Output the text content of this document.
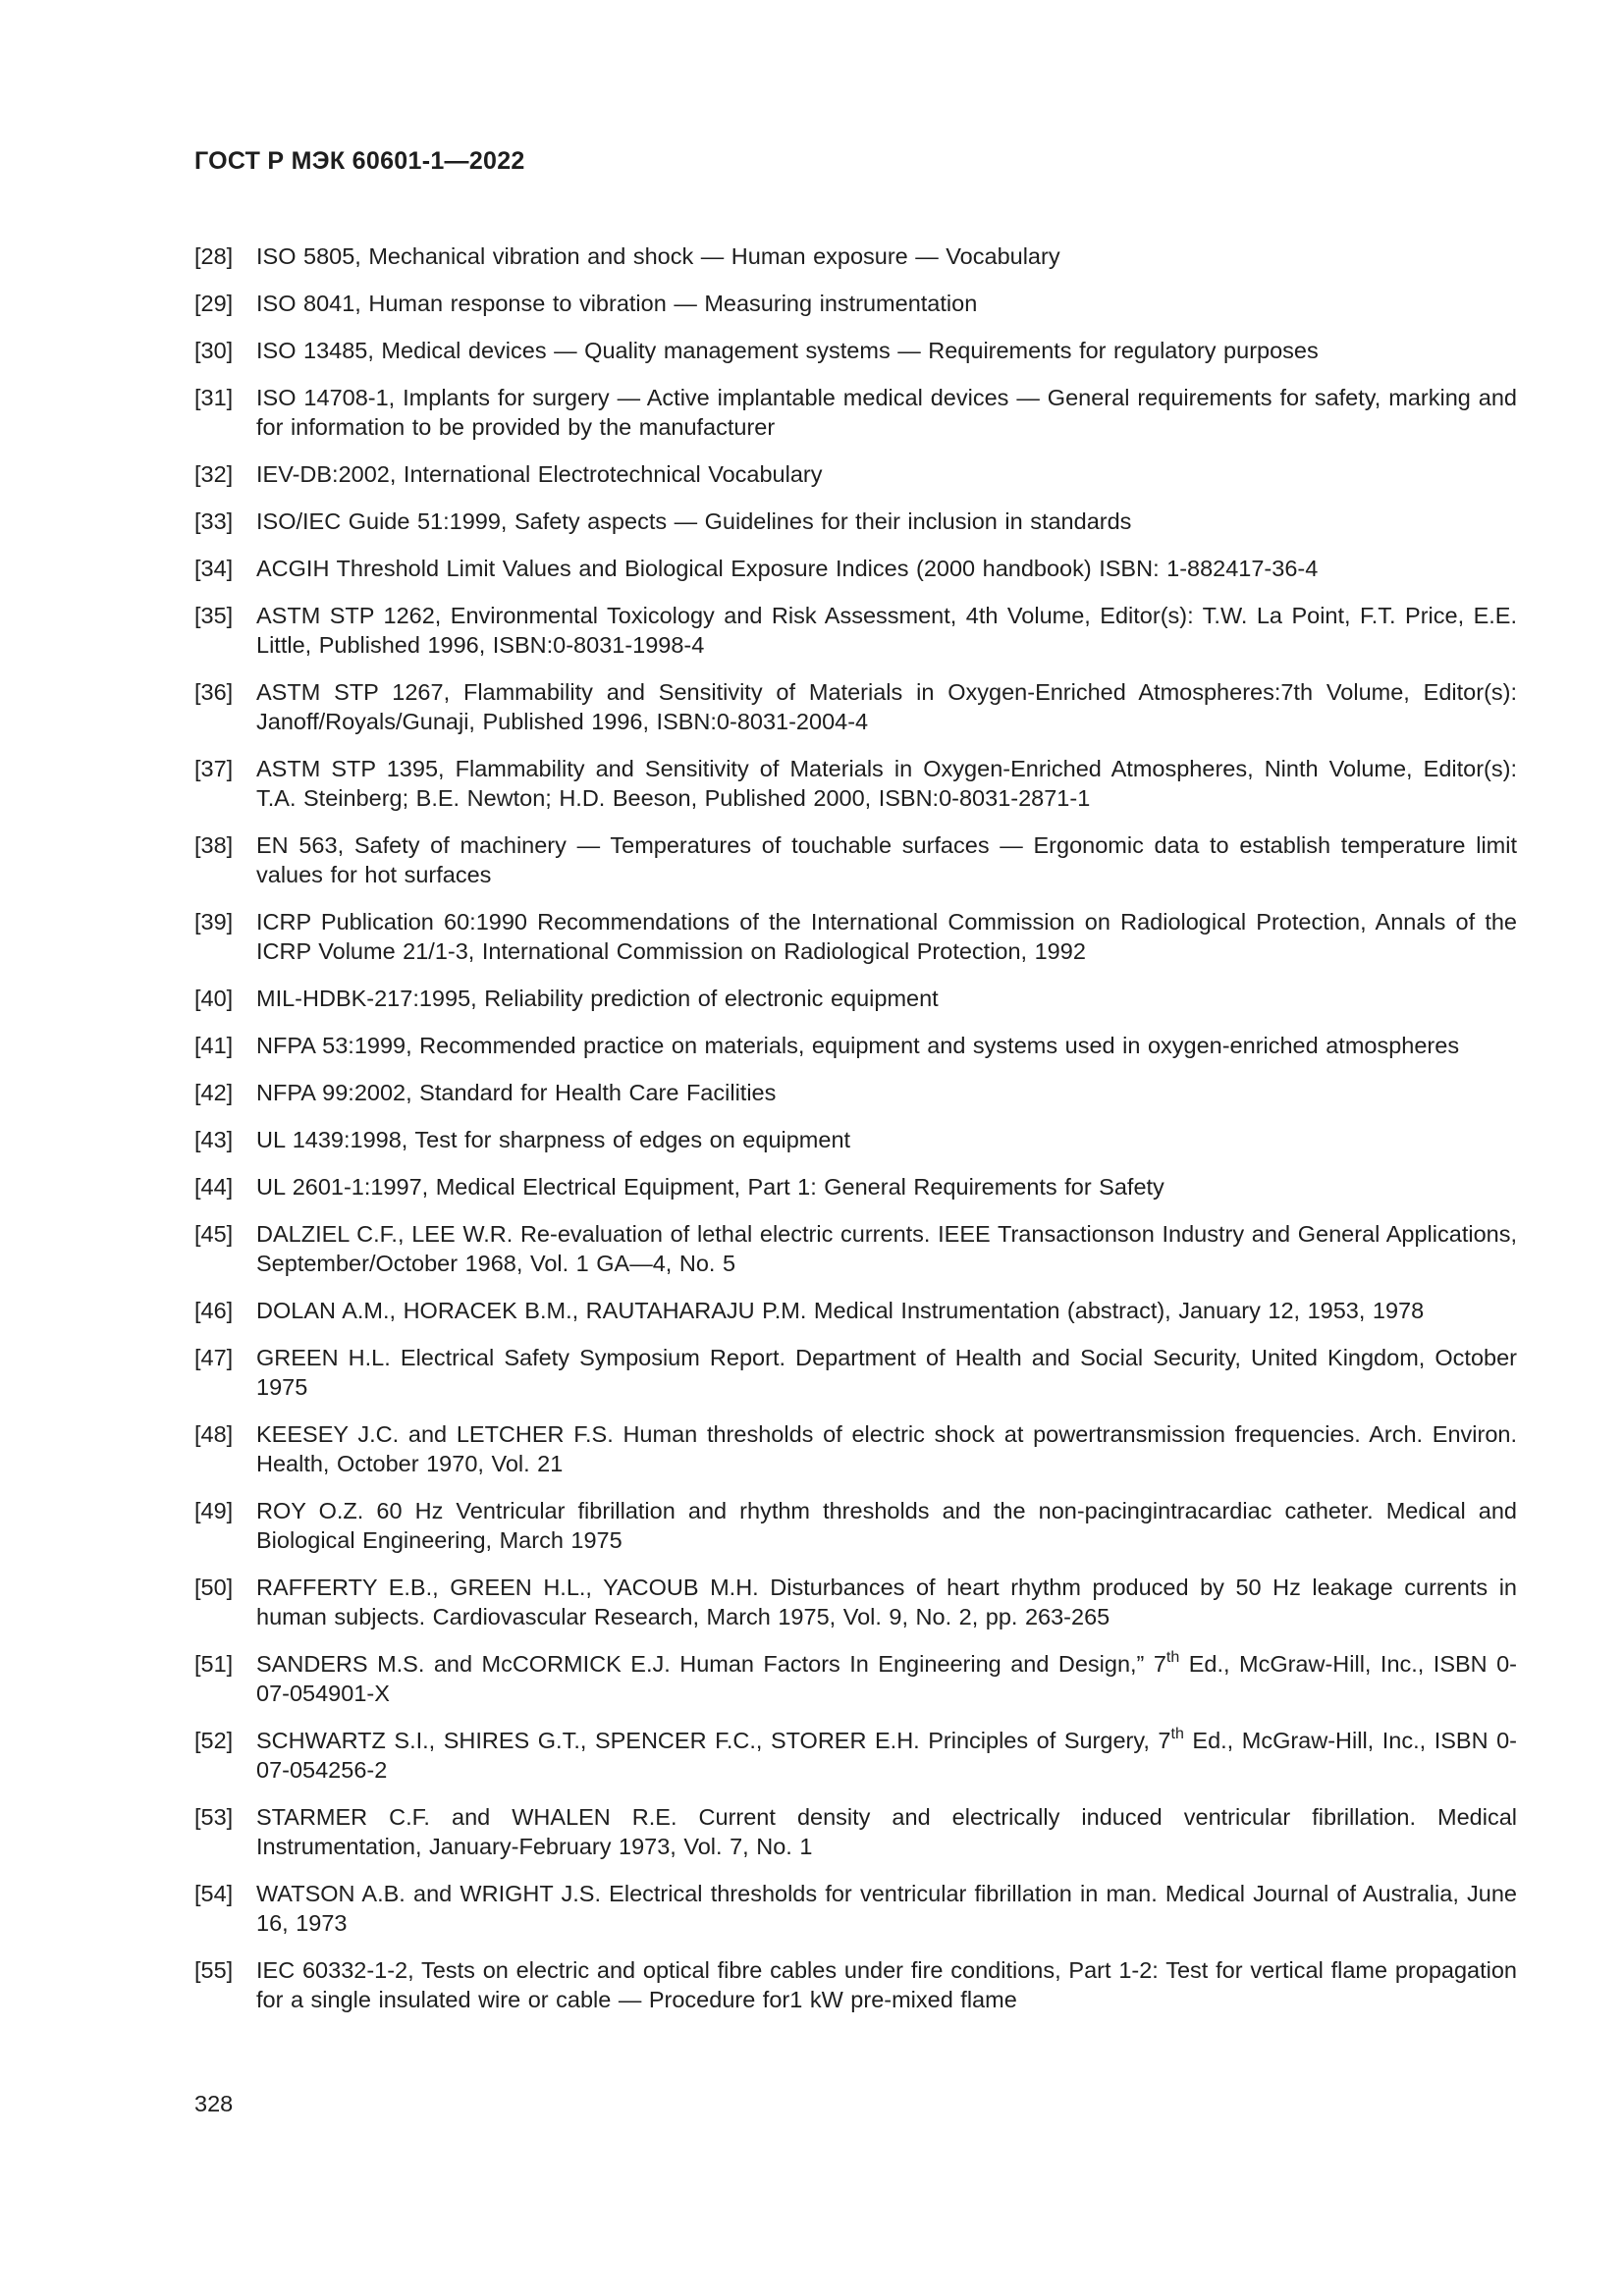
ГОСТ Р МЭК 60601-1—2022
[28]	ISO 5805, Mechanical vibration and shock — Human exposure — Vocabulary
[29]	ISO 8041, Human response to vibration — Measuring instrumentation
[30]	ISO 13485, Medical devices — Quality management systems — Requirements for regulatory purposes
[31]	ISO 14708-1, Implants for surgery — Active implantable medical devices — General requirements for safety, marking and for information to be provided by the manufacturer
[32]	IEV-DB:2002, International Electrotechnical Vocabulary
[33]	ISO/IEC Guide 51:1999, Safety aspects — Guidelines for their inclusion in standards
[34]	ACGIH Threshold Limit Values and Biological Exposure Indices (2000 handbook) ISBN: 1-882417-36-4
[35]	ASTM STP 1262, Environmental Toxicology and Risk Assessment, 4th Volume, Editor(s): T.W. La Point, F.T. Price, E.E. Little, Published 1996, ISBN:0-8031-1998-4
[36]	ASTM STP 1267, Flammability and Sensitivity of Materials in Oxygen-Enriched Atmospheres:7th Volume, Editor(s): Janoff/Royals/Gunaji, Published 1996, ISBN:0-8031-2004-4
[37]	ASTM STP 1395, Flammability and Sensitivity of Materials in Oxygen-Enriched Atmospheres, Ninth Volume, Editor(s): T.A. Steinberg; B.E. Newton; H.D. Beeson, Published 2000, ISBN:0-8031-2871-1
[38]	EN 563, Safety of machinery — Temperatures of touchable surfaces — Ergonomic data to establish temperature limit values for hot surfaces
[39]	ICRP Publication 60:1990 Recommendations of the International Commission on Radiological Protection, Annals of the ICRP Volume 21/1-3, International Commission on Radiological Protection, 1992
[40]	MIL-HDBK-217:1995, Reliability prediction of electronic equipment
[41]	NFPA 53:1999, Recommended practice on materials, equipment and systems used in oxygen-enriched atmospheres
[42]	NFPA 99:2002, Standard for Health Care Facilities
[43]	UL 1439:1998, Test for sharpness of edges on equipment
[44]	UL 2601-1:1997, Medical Electrical Equipment, Part 1: General Requirements for Safety
[45]	DALZIEL C.F., LEE W.R. Re-evaluation of lethal electric currents. IEEE Transactionson Industry and General Applications, September/October 1968, Vol. 1 GA—4, No. 5
[46]	DOLAN A.M., HORACEK B.M., RAUTAHARAJU P.M. Medical Instrumentation (abstract), January 12, 1953, 1978
[47]	GREEN H.L. Electrical Safety Symposium Report. Department of Health and Social Security, United Kingdom, October 1975
[48]	KEESEY J.C. and LETCHER F.S. Human thresholds of electric shock at powertransmission frequencies. Arch. Environ. Health, October 1970, Vol. 21
[49]	ROY O.Z. 60 Hz Ventricular fibrillation and rhythm thresholds and the non-pacingintracardiac catheter. Medical and Biological Engineering, March 1975
[50]	RAFFERTY E.B., GREEN H.L., YACOUB M.H. Disturbances of heart rhythm produced by 50 Hz leakage currents in human subjects. Cardiovascular Research, March 1975, Vol. 9, No. 2, pp. 263-265
[51]	SANDERS M.S. and McCORMICK E.J. Human Factors In Engineering and Design,” 7th Ed., McGraw-Hill, Inc., ISBN 0-07-054901-X
[52]	SCHWARTZ S.I., SHIRES G.T., SPENCER F.C., STORER E.H. Principles of Surgery, 7th Ed., McGraw-Hill, Inc., ISBN 0-07-054256-2
[53]	STARMER C.F. and WHALEN R.E. Current density and electrically induced ventricular fibrillation. Medical Instrumentation, January-February 1973, Vol. 7, No. 1
[54]	WATSON A.B. and WRIGHT J.S. Electrical thresholds for ventricular fibrillation in man. Medical Journal of Australia, June 16, 1973
[55]	IEC 60332-1-2, Tests on electric and optical fibre cables under fire conditions, Part 1-2: Test for vertical flame propagation for a single insulated wire or cable — Procedure for1 kW pre-mixed flame

328
